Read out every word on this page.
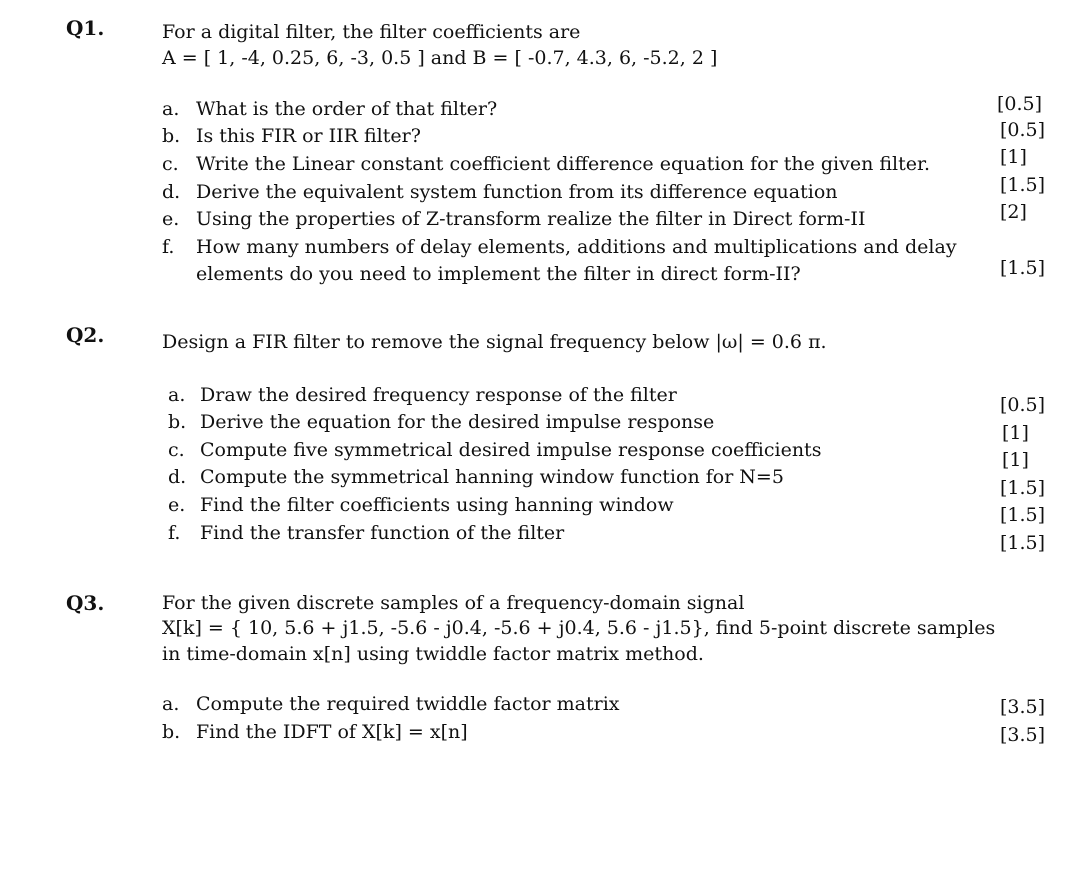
Q1.	For a digital filter, the filter coefficients are
A = [ 1, -4, 0.25, 6, -3, 0.5 ] and B = [ -0.7, 4.3, 6, -5.2, 2 ]
a. What is the order of that filter?	[0.5]
b. Is this FIR or IIR filter?	[0.5]
c. Write the Linear constant coefficient difference equation for the given filter.	[1]
d. Derive the equivalent system function from its difference equation	[1.5]
e. Using the properties of Z-transform realize the filter in Direct form-II	[2]
f. How many numbers of delay elements, additions and multiplications and delay
elements do you need to implement the filter in direct form-II?	[1.5]
Q2.	Design a FIR filter to remove the signal frequency below |ω| = 0.6 π.
a. Draw the desired frequency response of the filter	[0.5]
b. Derive the equation for the desired impulse response	[1]
c. Compute five symmetrical desired impulse response coefficients	[1]
d. Compute the symmetrical hanning window function for N=5	[1.5]
e. Find the filter coefficients using hanning window	[1.5]
f. Find the transfer function of the filter	[1.5]
Q3.	For the given discrete samples of a frequency-domain signal
X[k] = { 10, 5.6 + j1.5, -5.6 - j0.4, -5.6 + j0.4, 5.6 - j1.5}, find 5-point discrete samples
in time-domain x[n] using twiddle factor matrix method.
a. Compute the required twiddle factor matrix	[3.5]
b. Find the IDFT of X[k] = x[n]	[3.5]
